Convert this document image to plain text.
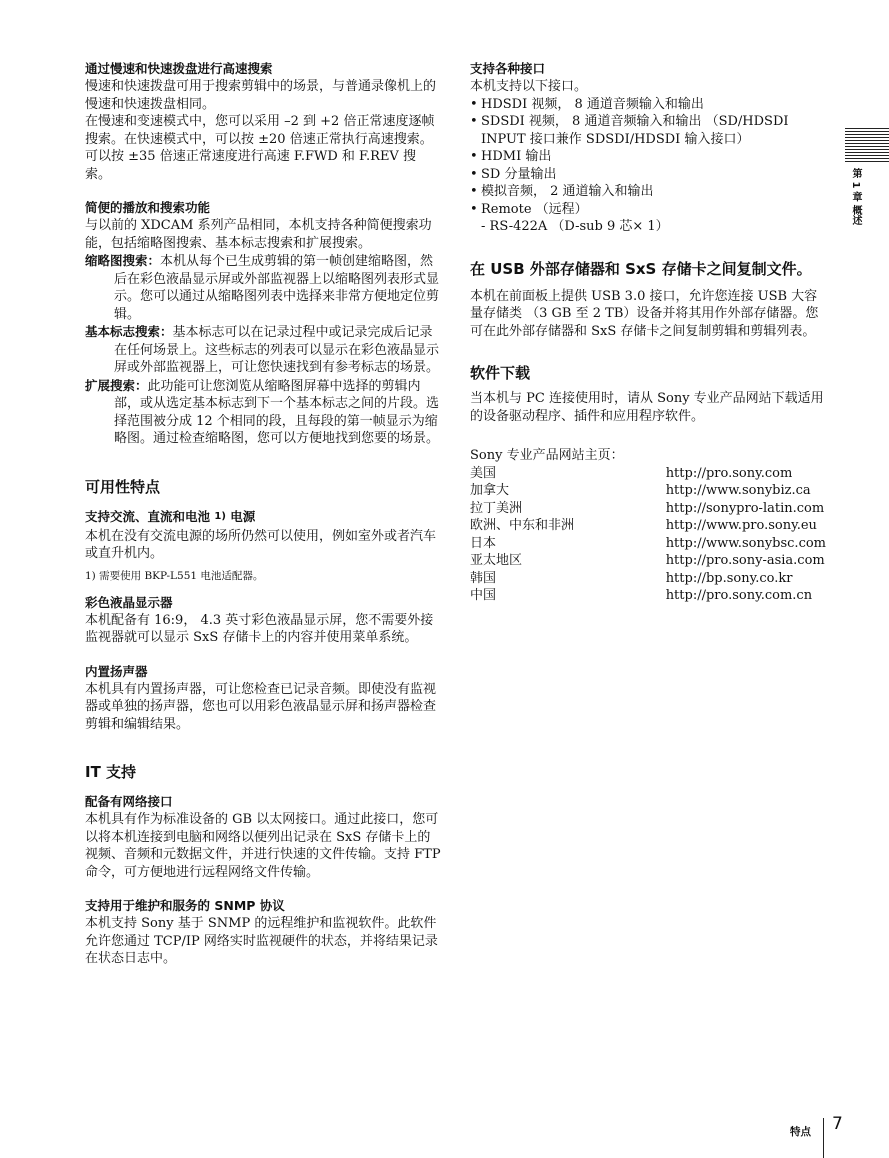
通过慢速和快速拨盘进行高速搜索

慢速和快速拨盘可用于搜索剪辑中的场景，与普通录像机上的慢速和快速拨盘相同。

在慢速和变速模式中，您可以采用 –2 到 +2 倍正常速度逐帧搜索。在快速模式中，可以按 ±20 倍速正常执行高速搜索。可以按 ±35 倍速正常速度进行高速 F.FWD 和 F.REV 搜索。

简便的播放和搜索功能

与以前的 XDCAM 系列产品相同，本机支持各种简便搜索功能，包括缩略图搜索、基本标志搜索和扩展搜索。

缩略图搜索：本机从每个已生成剪辑的第一帧创建缩略图，然后在彩色液晶显示屏或外部监视器上以缩略图列表形式显示。您可以通过从缩略图列表中选择来非常方便地定位剪辑。
基本标志搜索：基本标志可以在记录过程中或记录完成后记录在任何场景上。这些标志的列表可以显示在彩色液晶显示屏或外部监视器上，可让您快速找到有参考标志的场景。
扩展搜索：此功能可让您浏览从缩略图屏幕中选择的剪辑内部，或从选定基本标志到下一个基本标志之间的片段。选择范围被分成 12 个相同的段，且每段的第一帧显示为缩略图。通过检查缩略图，您可以方便地找到您要的场景。
可用性特点
支持交流、直流和电池 $^{1)}$ 电源

本机在没有交流电源的场所仍然可以使用，例如室外或者汽车或直升机内。

1) 需要使用 BKP-L551 电池适配器。

彩色液晶显示器

本机配备有 16:9， 4.3 英寸彩色液晶显示屏，您不需要外接监视器就可以显示 SxS 存储卡上的内容并使用菜单系统。

内置扬声器

本机具有内置扬声器，可让您检查已记录音频。即使没有监视器或单独的扬声器，您也可以用彩色液晶显示屏和扬声器检查剪辑和编辑结果。

IT 支持
配备有网络接口

本机具有作为标准设备的 GB 以太网接口。通过此接口，您可以将本机连接到电脑和网络以便列出记录在 SxS 存储卡上的视频、音频和元数据文件，并进行快速的文件传输。支持 FTP 命令，可方便地进行远程网络文件传输。

支持用于维护和服务的 SNMP 协议

本机支持 Sony 基于 SNMP 的远程维护和监视软件。此软件允许您通过 TCP/IP 网络实时监视硬件的状态，并将结果记录在状态日志中。

支持各种接口

本机支持以下接口。

• HDSDI 视频， 8 通道音频输入和输出
• SDSDI 视频， 8 通道音频输入和输出 （SD/HDSDI INPUT 接口兼作 SDSDI/HDSDI 输入接口）
• HDMI 输出
• SD 分量输出
• 模拟音频， 2 通道输入和输出
• Remote （远程）
- RS-422A （D-sub 9 芯× 1）
在 USB 外部存储器和 SxS 存储卡之间复制文件。

本机在前面板上提供 USB 3.0 接口，允许您连接 USB 大容量存储类 （3 GB 至 2 TB）设备并将其用作外部存储器。您可在此外部存储器和 SxS 存储卡之间复制剪辑和剪辑列表。

软件下载

当本机与 PC 连接使用时，请从 Sony 专业产品网站下载适用的设备驱动程序、插件和应用程序软件。

Sony 专业产品网站主页：

美国	http://pro.sony.com
加拿大	http://www.sonybiz.ca
拉丁美洲	http://sonypro-latin.com
欧洲、中东和非洲	http://www.pro.sony.eu
日本	http://www.sonybsc.com
亚太地区	http://pro.sony-asia.com
韩国	http://bp.sony.co.kr
中国	http://pro.sony.com.cn
第 1 章 概述
特点 7
